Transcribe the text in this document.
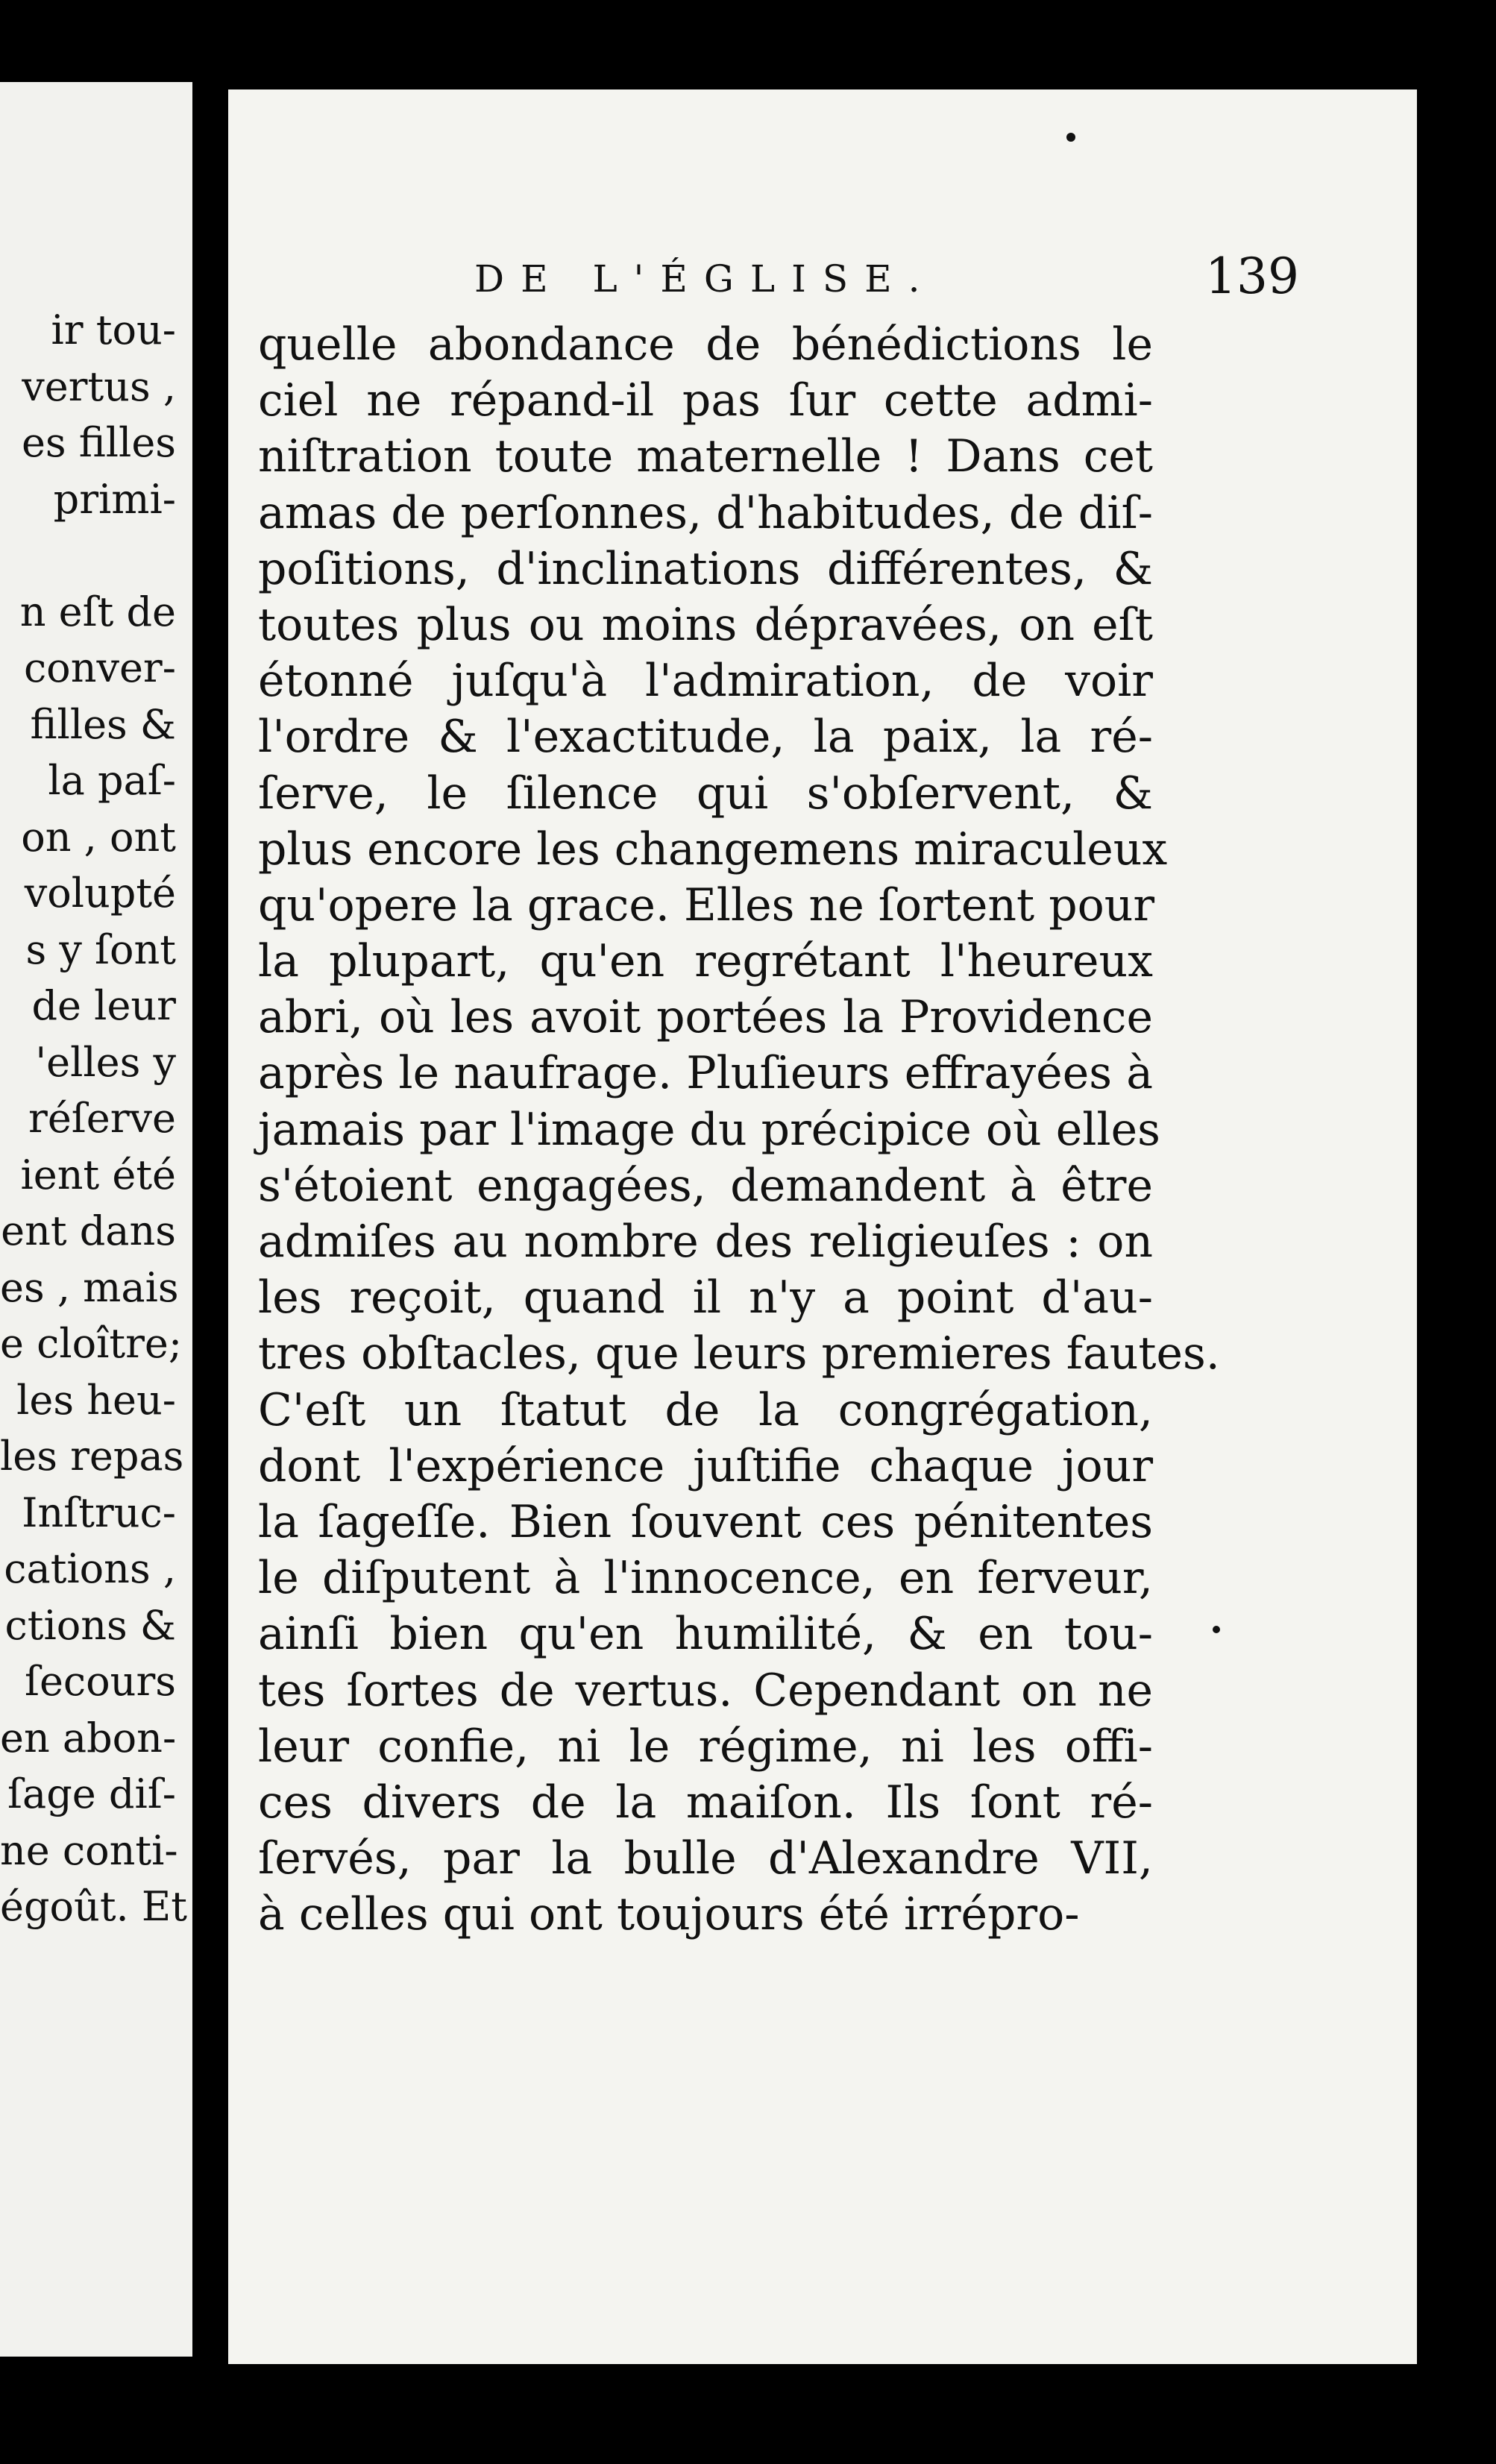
ir tou-
vertus ,
es filles
primi-
n eſt de
conver-
filles &
la paſ-
on , ont
volupté
s y ſont
de leur
'elles y
réſerve
ient été
ent dans
es , mais
e cloître;
les heu-
les repas
Inſtruc-
cations ,
ctions &
ſecours
en abon-
ſage diſ-
ne conti-
égoût. Et
DE L'ÉGLISE.	139
quelle abondance de bénédictions le
ciel ne répand-il pas ſur cette admi-
niſtration toute maternelle ! Dans cet
amas de perſonnes, d'habitudes, de diſ-
poſitions, d'inclinations différentes, &
toutes plus ou moins dépravées, on eſt
étonné juſqu'à l'admiration, de voir
l'ordre & l'exactitude, la paix, la ré-
ſerve, le ſilence qui s'obſervent, &
plus encore les changemens miraculeux
qu'opere la grace. Elles ne ſortent pour
la plupart, qu'en regrétant l'heureux
abri, où les avoit portées la Providence
après le naufrage. Pluſieurs effrayées à
jamais par l'image du précipice où elles
s'étoient engagées, demandent à être
admiſes au nombre des religieuſes : on
les reçoit, quand il n'y a point d'au-
tres obſtacles, que leurs premieres fautes.
C'eſt un ſtatut de la congrégation,
dont l'expérience juſtifie chaque jour
la ſageſſe. Bien ſouvent ces pénitentes
le diſputent à l'innocence, en ferveur,
ainſi bien qu'en humilité, & en tou-
tes ſortes de vertus. Cependant on ne
leur confie, ni le régime, ni les offi-
ces divers de la maiſon. Ils ſont ré-
ſervés, par la bulle d'Alexandre VII,
à celles qui ont toujours été irrépro-
